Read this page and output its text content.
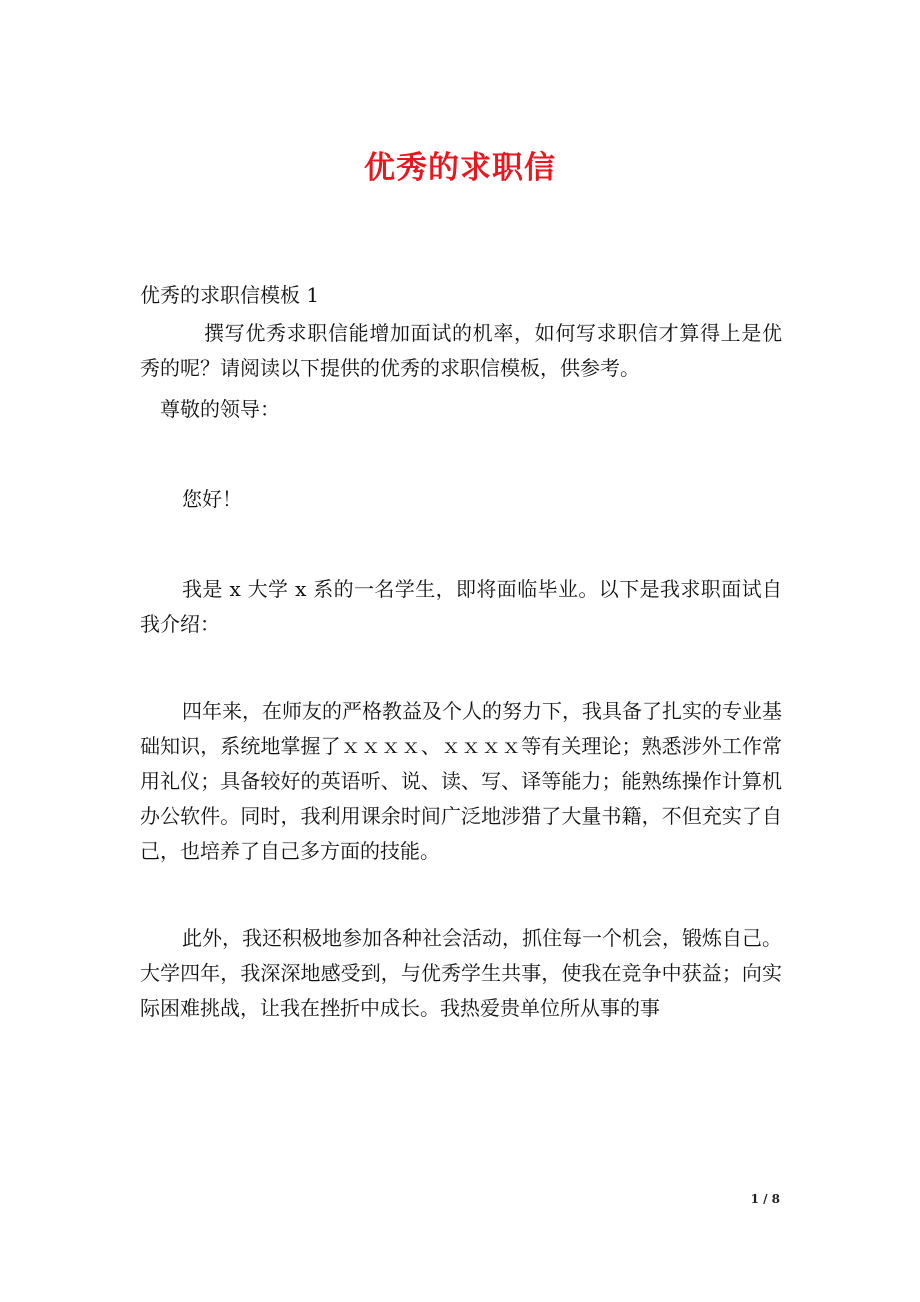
优秀的求职信

优秀的求职信模板 1

撰写优秀求职信能增加面试的机率，如何写求职信才算得上是优秀的呢？请阅读以下提供的优秀的求职信模板，供参考。

尊敬的领导：

您好！

我是 x 大学 x 系的一名学生，即将面临毕业。以下是我求职面试自我介绍：

四年来，在师友的严格教益及个人的努力下，我具备了扎实的专业基础知识，系统地掌握了ｘｘｘｘ、ｘｘｘｘ等有关理论；熟悉涉外工作常用礼仪；具备较好的英语听、说、读、写、译等能力；能熟练操作计算机办公软件。同时，我利用课余时间广泛地涉猎了大量书籍，不但充实了自己，也培养了自己多方面的技能。

此外，我还积极地参加各种社会活动，抓住每一个机会，锻炼自己。大学四年，我深深地感受到，与优秀学生共事，使我在竞争中获益；向实际困难挑战，让我在挫折中成长。我热爱贵单位所从事的事

1 / 8
